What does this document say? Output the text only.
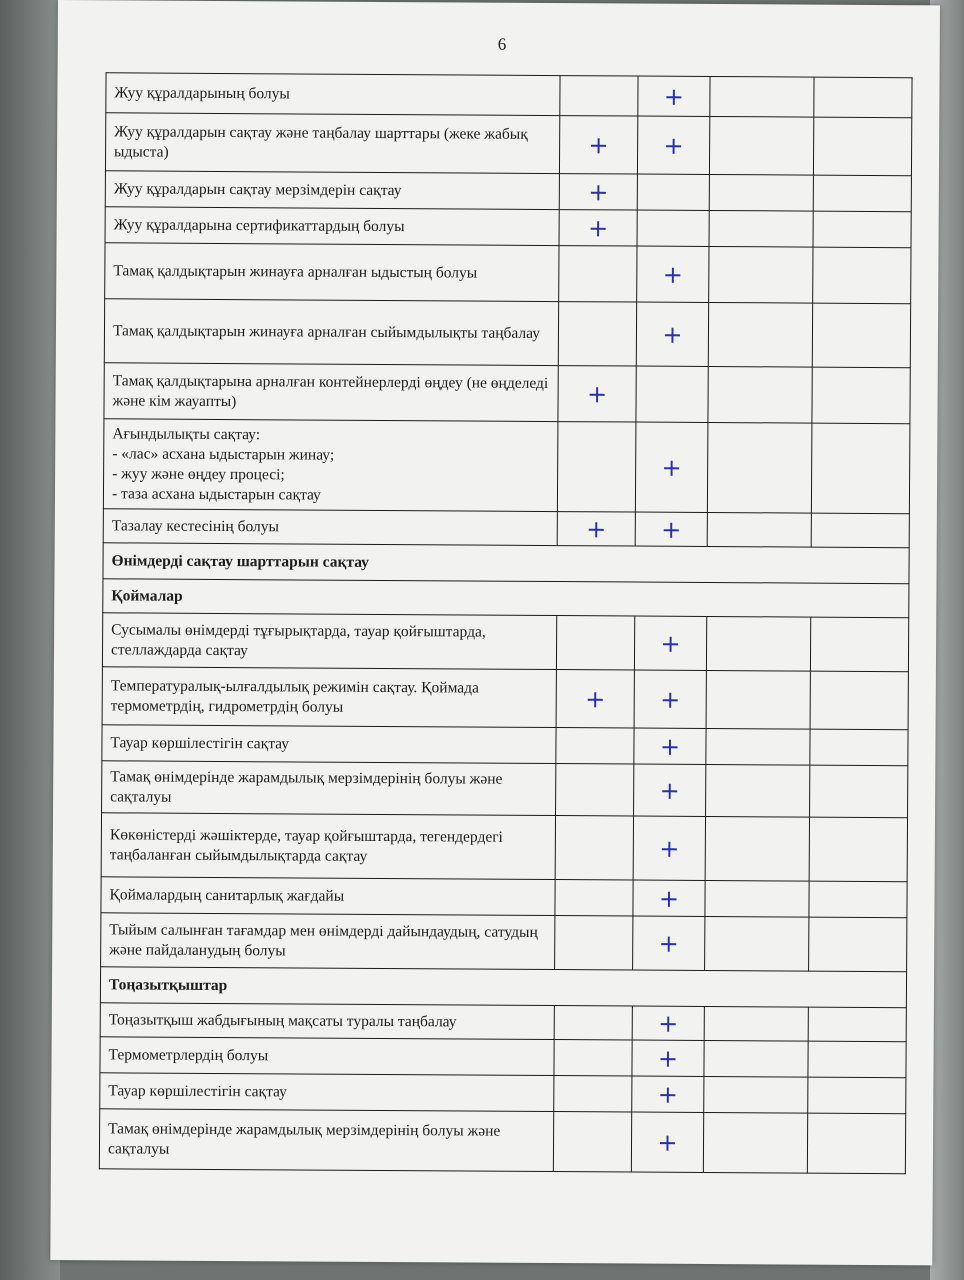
6
Жуу құралдарының болуы		+		
Жуу құралдарын сақтау және таңбалау шарттары (жеке жабық ыдыста)	+	+		
Жуу құралдарын сақтау мерзімдерін сақтау	+			
Жуу құралдарына сертификаттардың болуы	+			
Тамақ қалдықтарын жинауға арналған ыдыстың болуы		+		
Тамақ қалдықтарын жинауға арналған сыйымдылықты таңбалау		+		
Тамақ қалдықтарына арналған контейнерлерді өңдеу (не өңделеді және кім жауапты)	+			
Ағындылықты сақтау:
- «лас» асхана ыдыстарын жинау;
- жуу және өңдеу процесі;
- таза асхана ыдыстарын сақтау		+		
Тазалау кестесінің болуы	+	+		
Өнімдерді сақтау шарттарын сақтау				
Қоймалар				
Сусымалы өнімдерді тұғырықтарда, тауар қойғыштарда, стеллаждарда сақтау		+		
Температуралық-ылғалдылық режимін сақтау. Қоймада термометрдің, гидрометрдің болуы	+	+		
Тауар көршілестігін сақтау		+		
Тамақ өнімдерінде жарамдылық мерзімдерінің болуы және сақталуы		+		
Көкөністерді жәшіктерде, тауар қойғыштарда, тегендердегі таңбаланған сыйымдылықтарда сақтау		+		
Қоймалардың санитарлық жағдайы		+		
Тыйым салынған тағамдар мен өнімдерді дайындаудың, сатудың және пайдаланудың болуы		+		
Тоңазытқыштар				
Тоңазытқыш жабдығының мақсаты туралы таңбалау		+		
Термометрлердің болуы		+		
Тауар көршілестігін сақтау		+		
Тамақ өнімдерінде жарамдылық мерзімдерінің болуы және сақталуы		+		
